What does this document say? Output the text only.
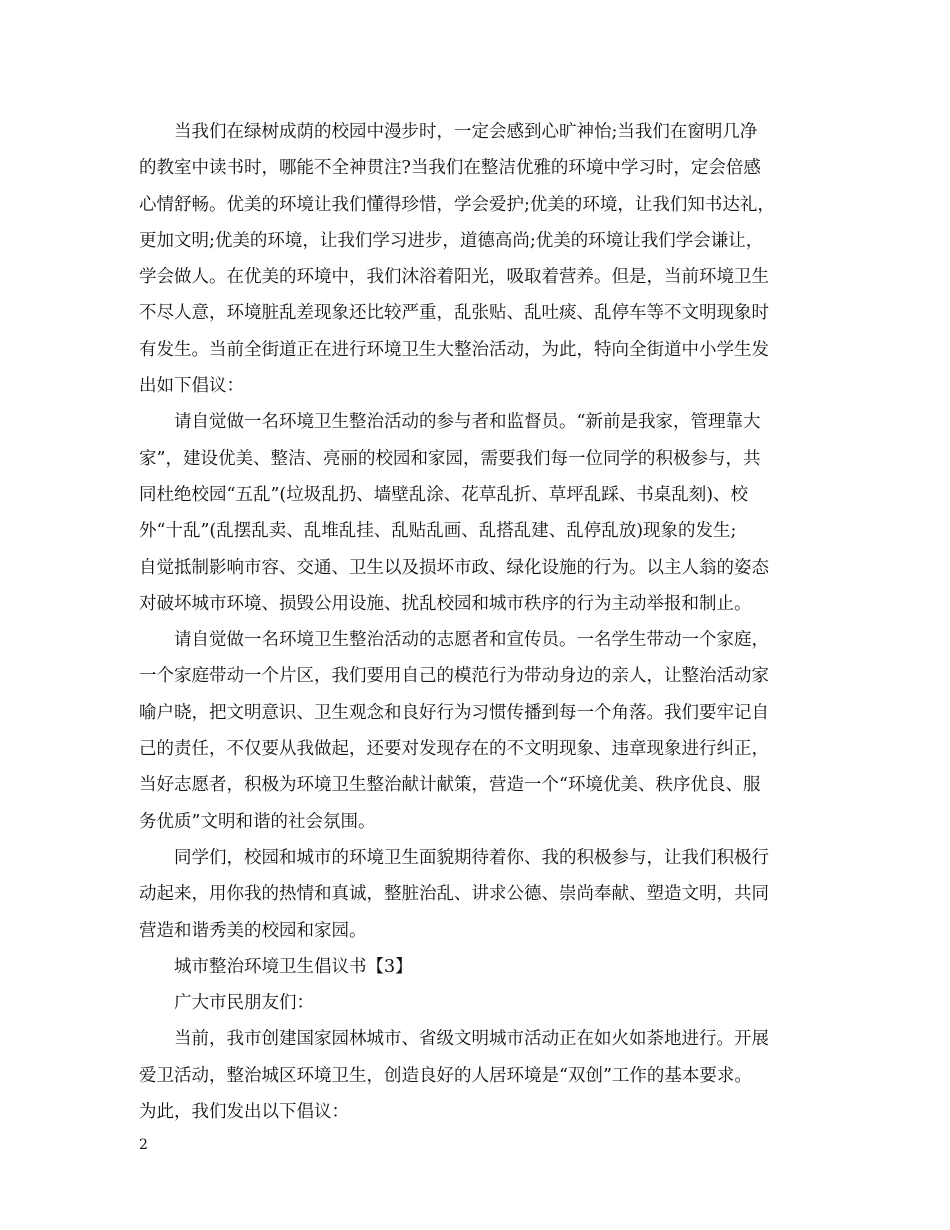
当我们在绿树成荫的校园中漫步时，一定会感到心旷神怡;当我们在窗明几净
的教室中读书时，哪能不全神贯注?当我们在整洁优雅的环境中学习时，定会倍感
心情舒畅。优美的环境让我们懂得珍惜，学会爱护;优美的环境，让我们知书达礼，
更加文明;优美的环境，让我们学习进步，道德高尚;优美的环境让我们学会谦让，
学会做人。在优美的环境中，我们沐浴着阳光，吸取着营养。但是，当前环境卫生
不尽人意，环境脏乱差现象还比较严重，乱张贴、乱吐痰、乱停车等不文明现象时
有发生。当前全街道正在进行环境卫生大整治活动，为此，特向全街道中小学生发
出如下倡议：
请自觉做一名环境卫生整治活动的参与者和监督员。“新前是我家，管理靠大
家”，建设优美、整洁、亮丽的校园和家园，需要我们每一位同学的积极参与，共
同杜绝校园“五乱”(垃圾乱扔、墙壁乱涂、花草乱折、草坪乱踩、书桌乱刻)、校
外“十乱”(乱摆乱卖、乱堆乱挂、乱贴乱画、乱搭乱建、乱停乱放)现象的发生;
自觉抵制影响市容、交通、卫生以及损坏市政、绿化设施的行为。以主人翁的姿态
对破坏城市环境、损毁公用设施、扰乱校园和城市秩序的行为主动举报和制止。
请自觉做一名环境卫生整治活动的志愿者和宣传员。一名学生带动一个家庭，
一个家庭带动一个片区，我们要用自己的模范行为带动身边的亲人，让整治活动家
喻户晓，把文明意识、卫生观念和良好行为习惯传播到每一个角落。我们要牢记自
己的责任，不仅要从我做起，还要对发现存在的不文明现象、违章现象进行纠正，
当好志愿者，积极为环境卫生整治献计献策，营造一个“环境优美、秩序优良、服
务优质”文明和谐的社会氛围。
同学们，校园和城市的环境卫生面貌期待着你、我的积极参与，让我们积极行
动起来，用你我的热情和真诚，整脏治乱、讲求公德、崇尚奉献、塑造文明，共同
营造和谐秀美的校园和家园。
城市整治环境卫生倡议书【3】
广大市民朋友们：
当前，我市创建国家园林城市、省级文明城市活动正在如火如荼地进行。开展
爱卫活动，整治城区环境卫生，创造良好的人居环境是“双创”工作的基本要求。
为此，我们发出以下倡议：
2
